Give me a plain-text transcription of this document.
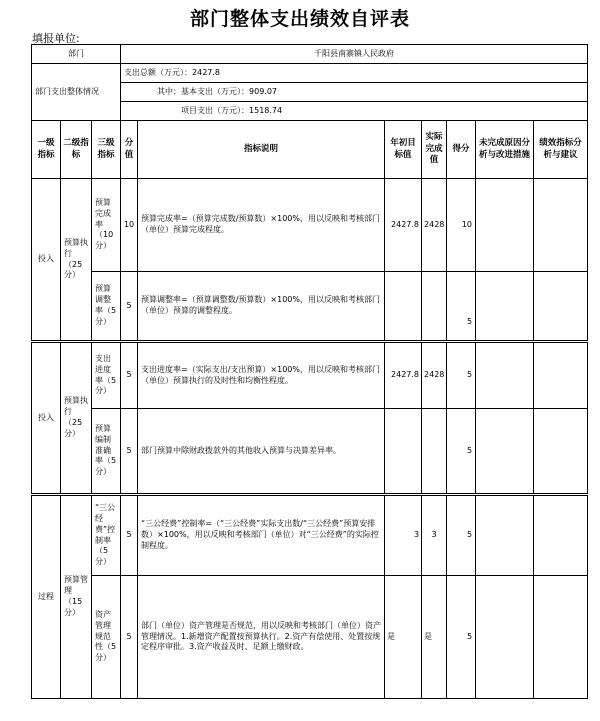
部门整体支出绩效自评表
填报单位:
部门			千阳县南寨镇人民政府						
部门支出整体情况			支出总额（万元）：2427.8						
			其中：基本支出（万元）：909.07						
			项目支出（万元）：1518.74						
一级指标	二级指标	三级指标	分值	指标说明	年初目标值	实际完成值	得分	未完成原因分析与改进措施	绩效指标分析与建议
投入	预算执行（25分）	预算完成率（10分）	10	预算完成率=（预算完成数/预算数）×100%，用以反映和考核部门（单位）预算完成程度。	2427.8	2428	10		
		预算调整率（5分）	5	预算调整率=（预算调整数/预算数）×100%，用以反映和考核部门（单位）预算的调整程度。			5		
投入	预算执行（25分）	支出进度率（5分）	5	支出进度率=（实际支出/支出预算）×100%，用以反映和考核部门（单位）预算执行的及时性和均衡性程度。	2427.8	2428	5		
		预算编制准确率（5分）	5	部门预算中除财政拨款外的其他收入预算与决算差异率。			5		
过程	预算管理（15分）	“三公经费”控制率（5分）	5	“三公经费”控制率=（“三公经费”实际支出数/“三公经费”预算安排数）×100%，用以反映和考核部门（单位）对“三公经费”的实际控制程度。	3	3	5		
		资产管理规范性（5分）	5	部门（单位）资产管理是否规范，用以反映和考核部门（单位）资产管理情况。1.新增资产配置按预算执行。2.资产有偿使用、处置按规定程序审批。3.资产收益及时、足额上缴财政。	是	是	5		
